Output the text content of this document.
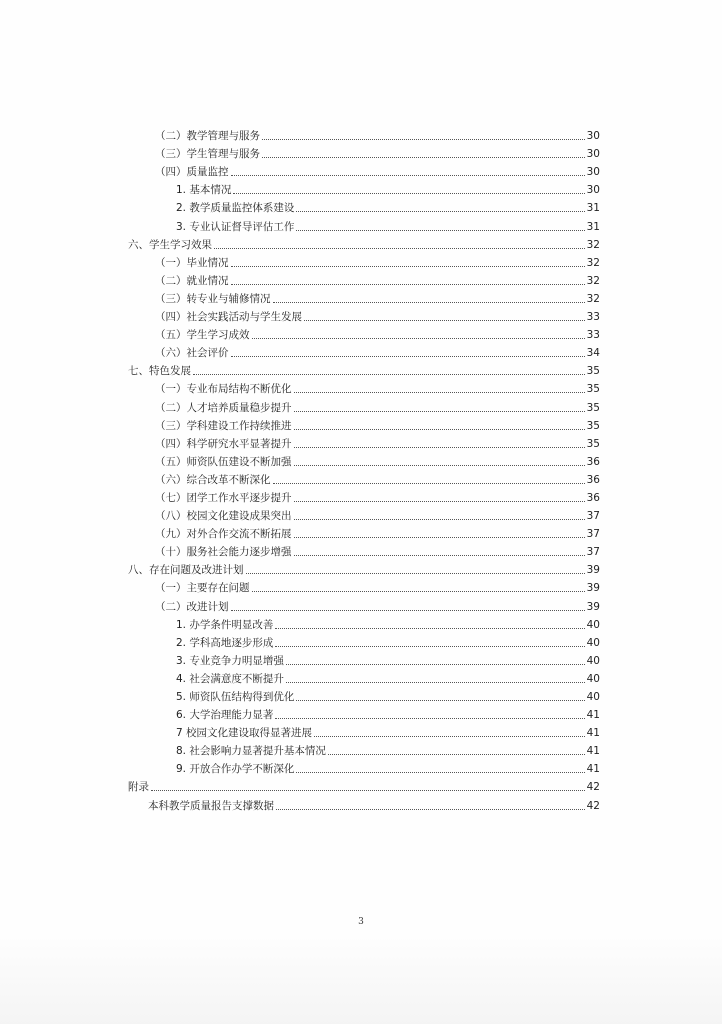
（二）教学管理与服务	30
（三）学生管理与服务	30
（四）质量监控	30
1. 基本情况	30
2. 教学质量监控体系建设	31
3. 专业认证督导评估工作	31
六、学生学习效果	32
（一）毕业情况	32
（二）就业情况	32
（三）转专业与辅修情况	32
（四）社会实践活动与学生发展	33
（五）学生学习成效	33
（六）社会评价	34
七、特色发展	35
（一）专业布局结构不断优化	35
（二）人才培养质量稳步提升	35
（三）学科建设工作持续推进	35
（四）科学研究水平显著提升	35
（五）师资队伍建设不断加强	36
（六）综合改革不断深化	36
（七）团学工作水平逐步提升	36
（八）校园文化建设成果突出	37
（九）对外合作交流不断拓展	37
（十）服务社会能力逐步增强	37
八、存在问题及改进计划	39
（一）主要存在问题	39
（二）改进计划	39
1. 办学条件明显改善	40
2. 学科高地逐步形成	40
3. 专业竞争力明显增强	40
4. 社会满意度不断提升	40
5. 师资队伍结构得到优化	40
6. 大学治理能力显著	41
7 校园文化建设取得显著进展	41
8. 社会影响力显著提升基本情况	41
9. 开放合作办学不断深化	41
附录	42
本科教学质量报告支撑数据	42
3
